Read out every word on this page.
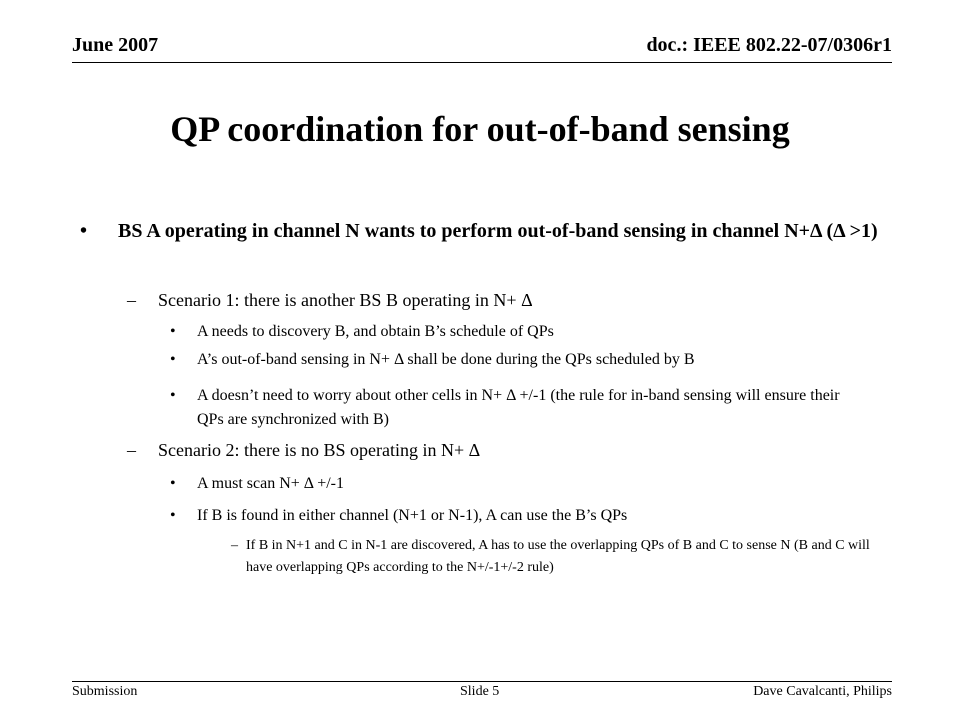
June 2007	doc.: IEEE 802.22-07/0306r1
QP coordination for out-of-band sensing
• BS A operating in channel N wants to perform out-of-band sensing in channel N+Δ (Δ >1)
– Scenario 1: there is another BS B operating in N+ Δ
• A needs to discovery B, and obtain B’s schedule of QPs
• A’s out-of-band sensing in N+ Δ shall be done during the QPs scheduled by B
• A doesn’t need to worry about other cells in N+ Δ +/-1 (the rule for in-band sensing will ensure their QPs are synchronized with B)
– Scenario 2: there is no BS operating in N+ Δ
• A must scan N+ Δ +/-1
• If B is found in either channel (N+1 or N-1), A can use the B’s QPs
– If B in N+1 and C in N-1 are discovered, A has to use the overlapping QPs of B and C to sense N (B and C will have overlapping QPs according to the N+/-1+/-2 rule)
Submission	Slide 5	Dave Cavalcanti, Philips
